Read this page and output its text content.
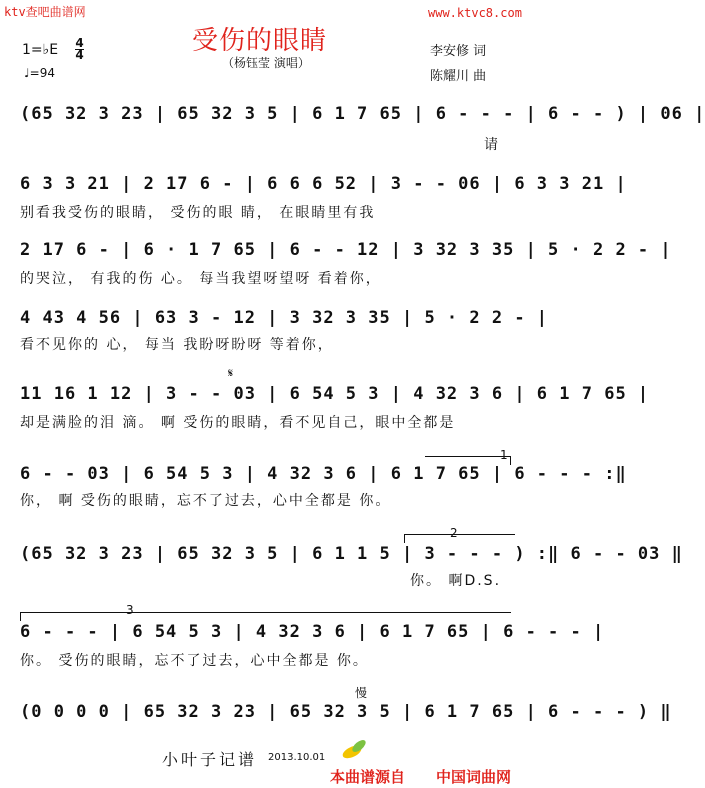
ktv查吧曲谱网	www.ktvc8.com
受伤的眼睛
（杨钰莹 演唱）
1=♭E 4
4
♩=94
李安修 词
陈耀川 曲
(65 32 3 23 | 65 32 3 5 | 6 1 7 65 | 6 - - - | 6 - - ) | 06 |
请
6 3 3 21 | 2 17 6 - | 6 6 6 52 | 3 - - 06 | 6 3 3 21 |
别看我受伤的眼睛， 受伤的眼 睛， 在眼睛里有我
2 17 6 - | 6 · 1 7 65 | 6 - - 12 | 3 32 3 35 | 5 · 2 2 - |
的哭泣， 有我的伤 心。 每当我望呀望呀 看着你，
4 43 4 56 | 63 3 - 12 | 3 32 3 35 | 5 · 2 2 - |
看不见你的 心， 每当 我盼呀盼呀 等着你，
𝄋
11 16 1 12 | 3 - - 03 | 6 54 5 3 | 4 32 3 6 | 6 1 7 65 |
却是满脸的泪 滴。 啊 受伤的眼睛，看不见自己，眼中全都是
1
6 - - 03 | 6 54 5 3 | 4 32 3 6 | 6 1 7 65 | 6 - - - :‖
你， 啊 受伤的眼睛，忘不了过去，心中全都是 你。
2
(65 32 3 23 | 65 32 3 5 | 6 1 1 5 | 3 - - - ) :‖ 6 - - 03 ‖
你。 啊D.S.
3
6 - - - | 6 54 5 3 | 4 32 3 6 | 6 1 7 65 | 6 - - - |
你。 受伤的眼睛，忘不了过去，心中全都是 你。
慢
(0 0 0 0 | 65 32 3 23 | 65 32 3 5 | 6 1 7 65 | 6 - - - ) ‖
小叶子记谱 2013.10.01
本曲谱源自 中国词曲网
